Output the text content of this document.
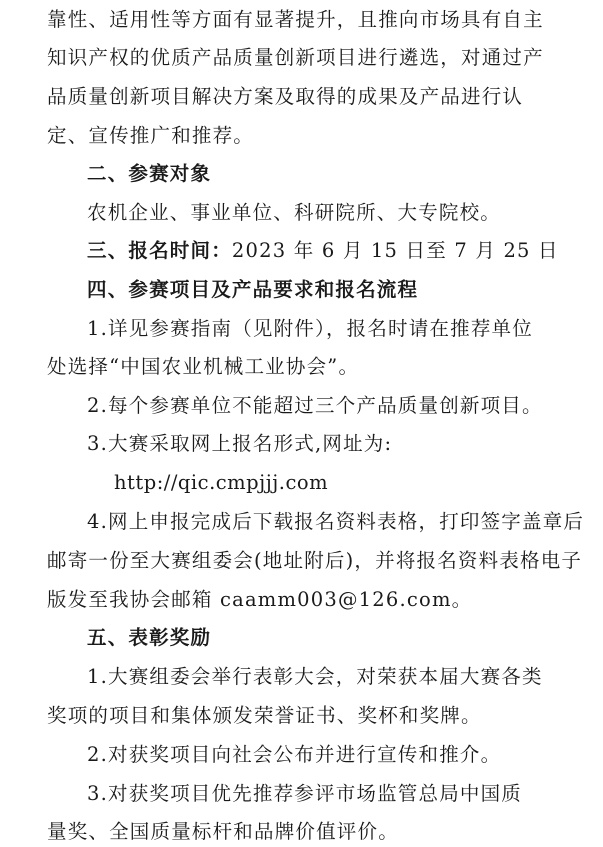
靠性、适用性等方面有显著提升，且推向市场具有自主
知识产权的优质产品质量创新项目进行遴选，对通过产
品质量创新项目解决方案及取得的成果及产品进行认
定、宣传推广和推荐。
二、参赛对象
农机企业、事业单位、科研院所、大专院校。
三、报名时间：2023 年 6 月 15 日至 7 月 25 日
四、参赛项目及产品要求和报名流程
1.详见参赛指南（见附件），报名时请在推荐单位
处选择“中国农业机械工业协会”。
2.每个参赛单位不能超过三个产品质量创新项目。
3.大赛采取网上报名形式,网址为:
http://qic.cmpjjj.com
4.网上申报完成后下载报名资料表格，打印签字盖章后
邮寄一份至大赛组委会(地址附后)，并将报名资料表格电子
版发至我协会邮箱 caamm003@126.com。
五、表彰奖励
1.大赛组委会举行表彰大会，对荣获本届大赛各类
奖项的项目和集体颁发荣誉证书、奖杯和奖牌。
2.对获奖项目向社会公布并进行宣传和推介。
3.对获奖项目优先推荐参评市场监管总局中国质
量奖、全国质量标杆和品牌价值评价。
